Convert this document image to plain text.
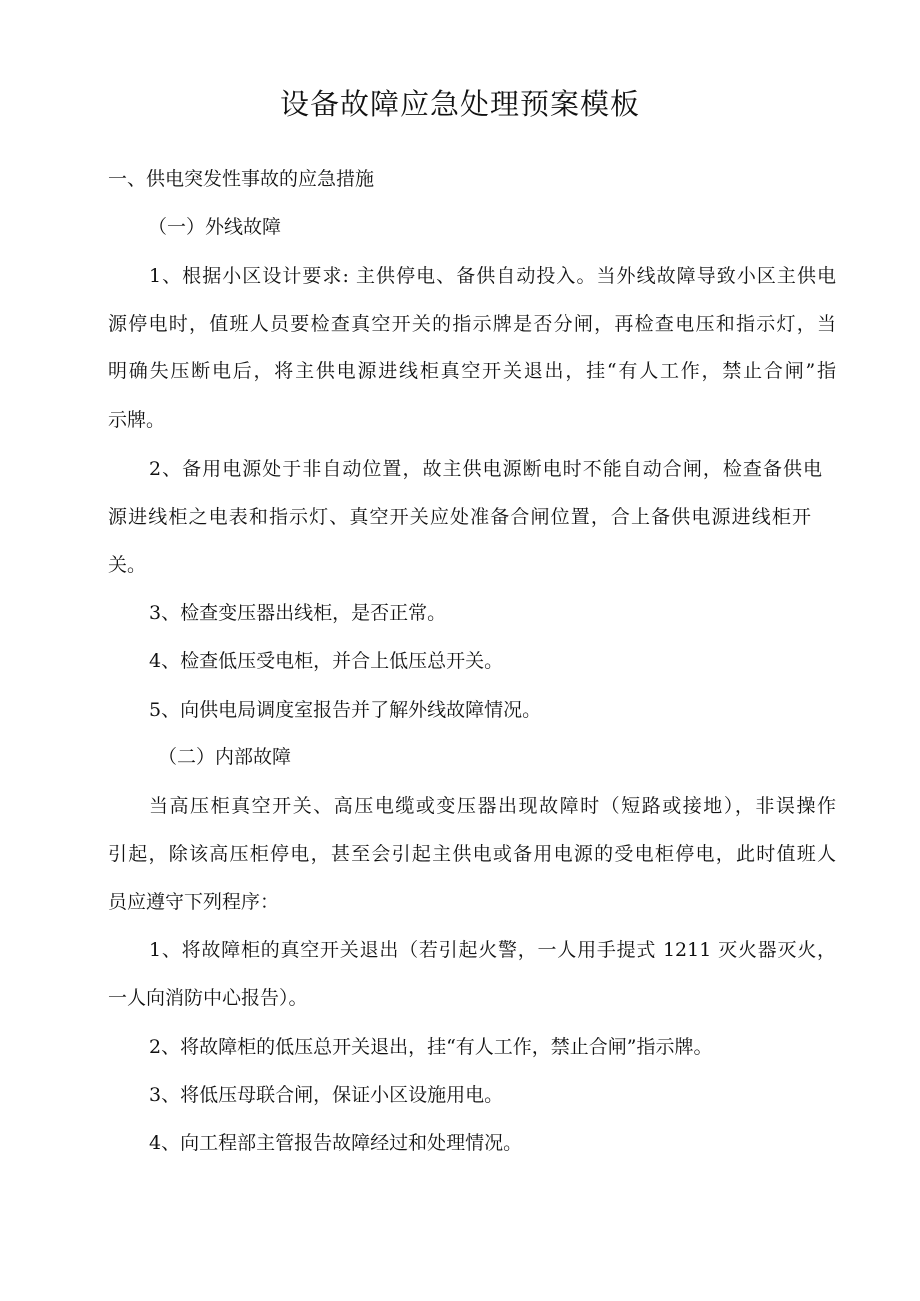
设备故障应急处理预案模板
一、供电突发性事故的应急措施
（一）外线故障
1、根据小区设计要求: 主供停电、备供自动投入。当外线故障导致小区主供电
源停电时，值班人员要检查真空开关的指示牌是否分闸，再检查电压和指示灯，当
明确失压断电后，将主供电源进线柜真空开关退出，挂“有人工作，禁止合闸”指
示牌。
2、备用电源处于非自动位置，故主供电源断电时不能自动合闸，检查备供电
源进线柜之电表和指示灯、真空开关应处准备合闸位置，合上备供电源进线柜开
关。
3、检查变压器出线柜，是否正常。
4、检查低压受电柜，并合上低压总开关。
5、向供电局调度室报告并了解外线故障情况。
（二）内部故障
当高压柜真空开关、高压电缆或变压器出现故障时（短路或接地），非误操作
引起，除该高压柜停电，甚至会引起主供电或备用电源的受电柜停电，此时值班人
员应遵守下列程序：
1、将故障柜的真空开关退出（若引起火警，一人用手提式 1211 灭火器灭火，
一人向消防中心报告）。
2、将故障柜的低压总开关退出，挂“有人工作，禁止合闸”指示牌。
3、将低压母联合闸，保证小区设施用电。
4、向工程部主管报告故障经过和处理情况。
